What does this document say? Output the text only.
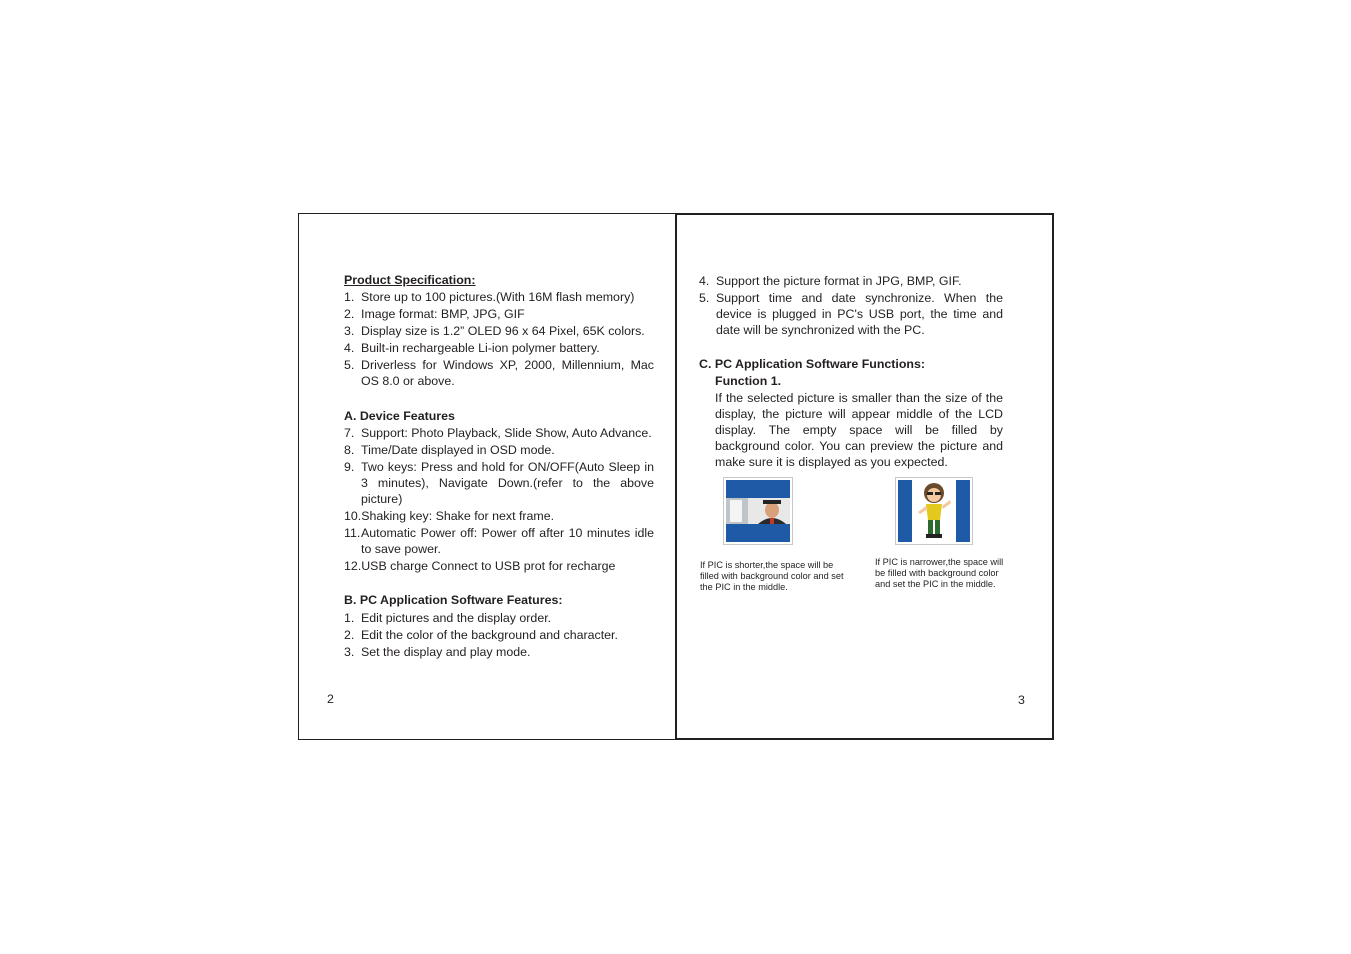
Product Specification:

1. Store up to 100 pictures.(With 16M flash memory)
2. Image format: BMP, JPG, GIF
3. Display size is 1.2” OLED 96 x 64 Pixel, 65K colors.
4. Built-in rechargeable Li-ion polymer battery.
5. Driverless for Windows XP, 2000, Millennium, Mac OS 8.0 or above.

A. Device Features

7. Support: Photo Playback, Slide Show, Auto Advance.
8. Time/Date displayed in OSD mode.
9. Two keys: Press and hold for ON/OFF(Auto Sleep in 3 minutes), Navigate Down.(refer to the above picture)
10.Shaking key: Shake for next frame.
11. Automatic Power off: Power off after 10 minutes idle to save power.
12.USB charge Connect to USB prot for recharge

B. PC Application Software Features:

1. Edit pictures and the display order.
2. Edit the color of the background and character.
3. Set the display and play mode.
2
4. Support the picture format in JPG, BMP, GIF.
5. Support time and date synchronize. When the device is plugged in PC's USB port, the time and date will be synchronized with the PC.

C. PC Application Software Functions:

Function 1.
If the selected picture is smaller than the size of the display, the picture will appear middle of the LCD display. The empty space will be filled by background color. You can preview the picture and make sure it is displayed as you expected.
If PIC is shorter,the space will be filled with background color and set the PIC in the middle.
If PIC is narrower,the space will be filled with background color and set the PIC in the middle.
3
